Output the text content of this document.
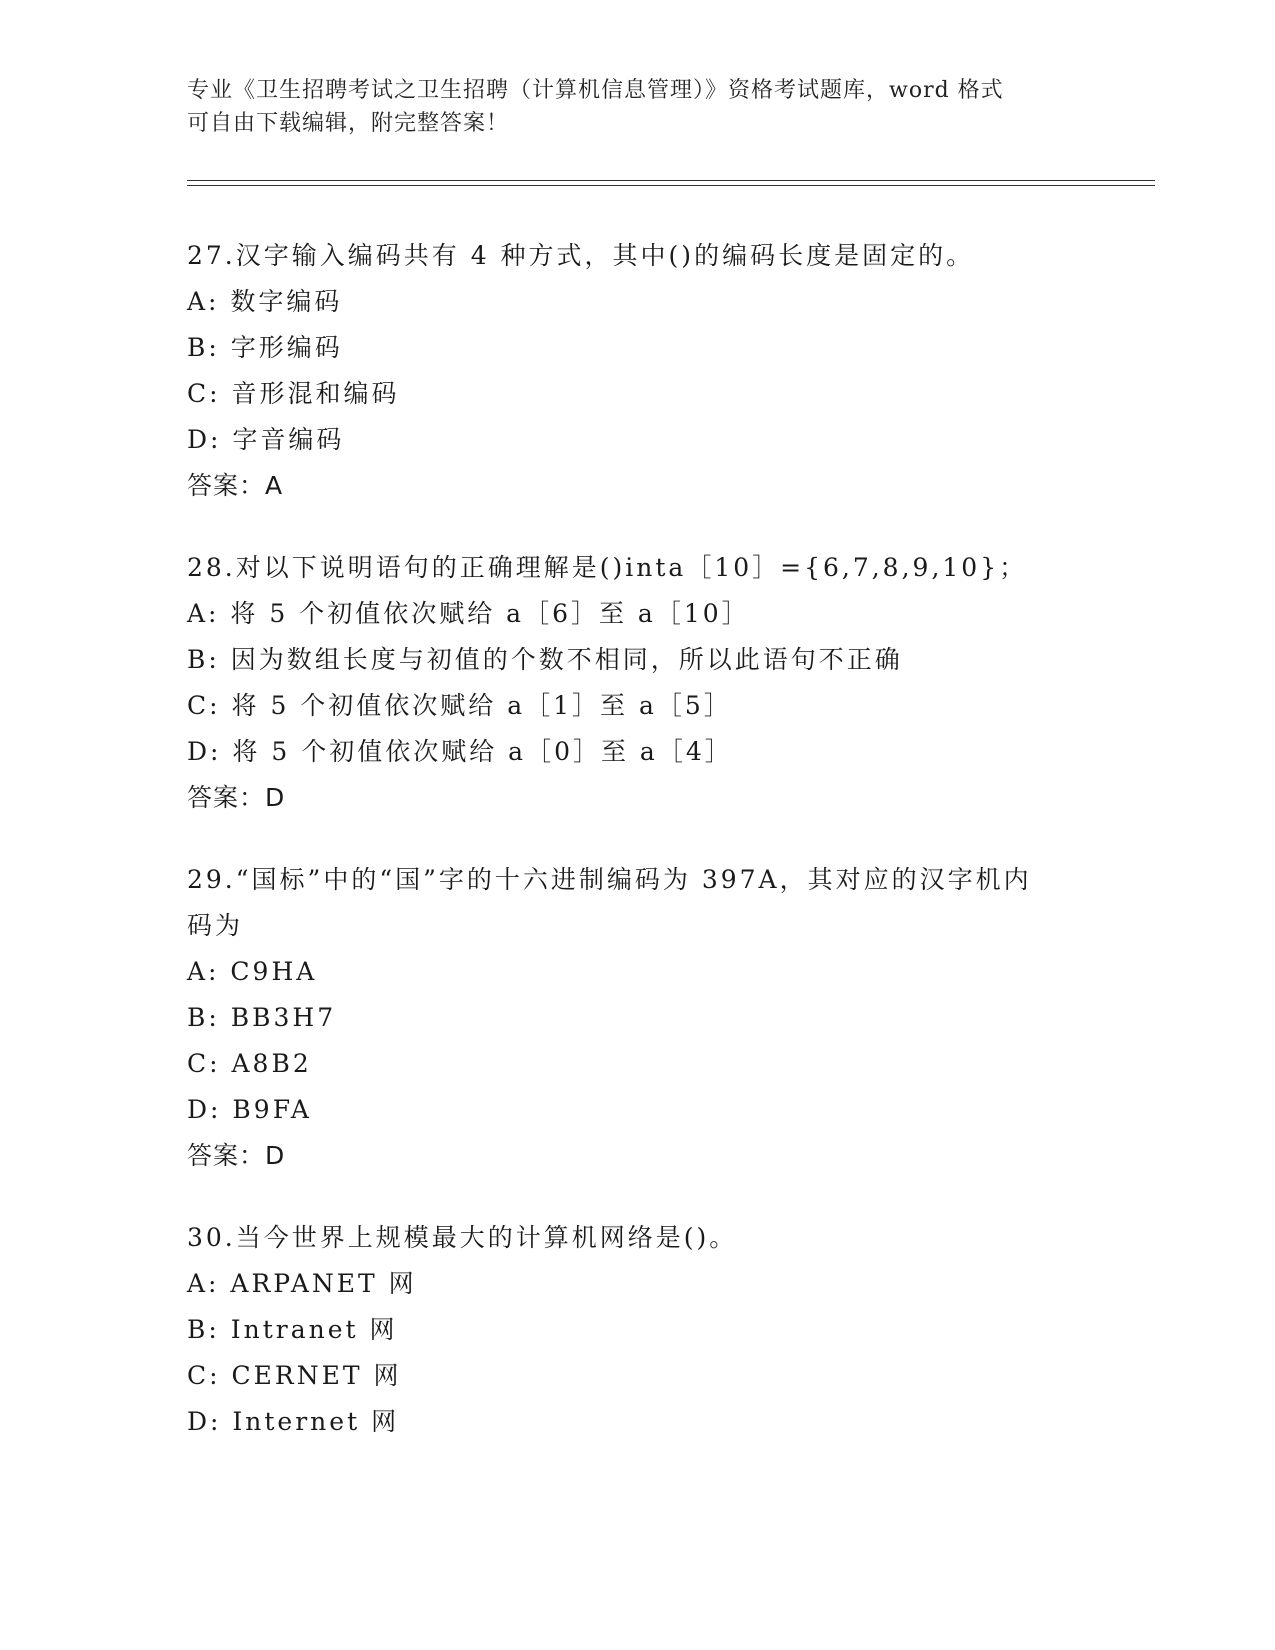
专业《卫生招聘考试之卫生招聘（计算机信息管理）》资格考试题库，word 格式
可自由下载编辑，附完整答案！
27.汉字输入编码共有 4 种方式，其中()的编码长度是固定的。
A: 数字编码
B: 字形编码
C: 音形混和编码
D: 字音编码
答案：A
28.对以下说明语句的正确理解是()inta［10］={6,7,8,9,10}；
A: 将 5 个初值依次赋给 a［6］至 a［10］
B: 因为数组长度与初值的个数不相同，所以此语句不正确
C: 将 5 个初值依次赋给 a［1］至 a［5］
D: 将 5 个初值依次赋给 a［0］至 a［4］
答案：D
29.“国标”中的“国”字的十六进制编码为 397A，其对应的汉字机内
码为
A: C9HA
B: BB3H7
C: A8B2
D: B9FA
答案：D
30.当今世界上规模最大的计算机网络是()。
A: ARPANET 网
B: Intranet 网
C: CERNET 网
D: Internet 网
